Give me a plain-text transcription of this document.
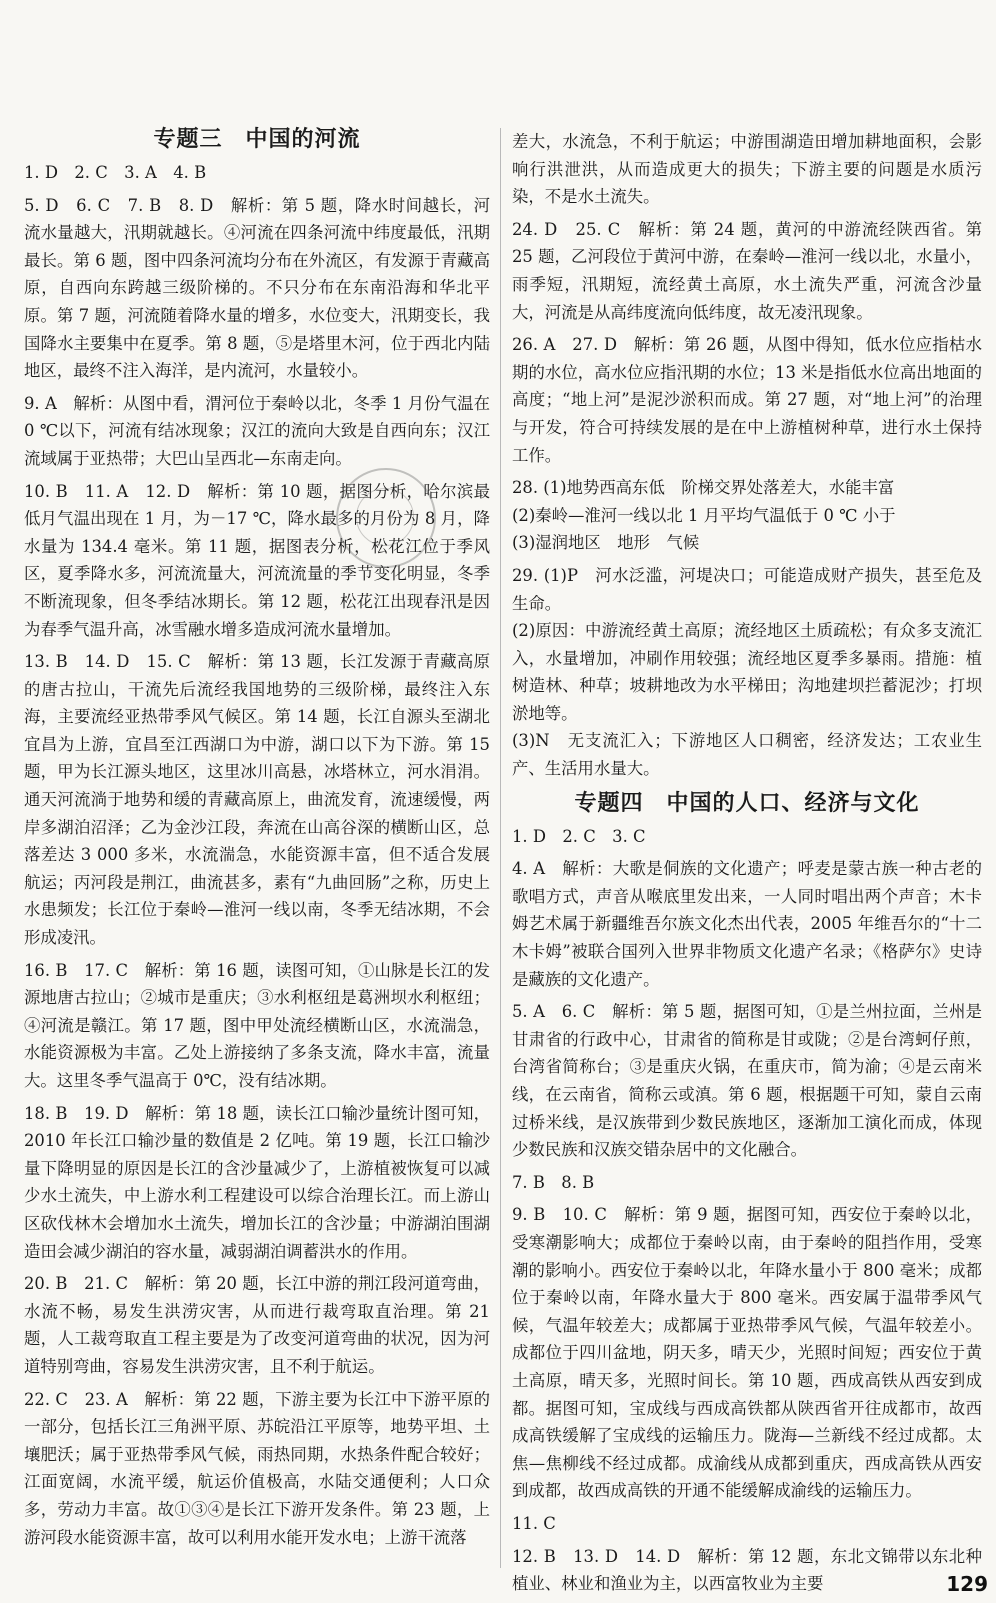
专题三　中国的河流
1. D　2. C　3. A　4. B
5. D　6. C　7. B　8. D　解析：第 5 题，降水时间越长，河流水量越大，汛期就越长。④河流在四条河流中纬度最低，汛期最长。第 6 题，图中四条河流均分布在外流区，有发源于青藏高原，自西向东跨越三级阶梯的。不只分布在东南沿海和华北平原。第 7 题，河流随着降水量的增多，水位变大，汛期变长，我国降水主要集中在夏季。第 8 题，⑤是塔里木河，位于西北内陆地区，最终不注入海洋，是内流河，水量较小。
9. A　解析：从图中看，渭河位于秦岭以北，冬季 1 月份气温在 0 ℃以下，河流有结冰现象；汉江的流向大致是自西向东；汉江流域属于亚热带；大巴山呈西北—东南走向。
10. B　11. A　12. D　解析：第 10 题，据图分析，哈尔滨最低月气温出现在 1 月，为－17 ℃，降水最多的月份为 8 月，降水量为 134.4 毫米。第 11 题，据图表分析，松花江位于季风区，夏季降水多，河流流量大，河流流量的季节变化明显，冬季不断流现象，但冬季结冰期长。第 12 题，松花江出现春汛是因为春季气温升高，冰雪融水增多造成河流水量增加。
13. B　14. D　15. C　解析：第 13 题，长江发源于青藏高原的唐古拉山，干流先后流经我国地势的三级阶梯，最终注入东海，主要流经亚热带季风气候区。第 14 题，长江自源头至湖北宜昌为上游，宜昌至江西湖口为中游，湖口以下为下游。第 15 题，甲为长江源头地区，这里冰川高悬，冰塔林立，河水涓涓。通天河流淌于地势和缓的青藏高原上，曲流发育，流速缓慢，两岸多湖泊沼泽；乙为金沙江段，奔流在山高谷深的横断山区，总落差达 3 000 多米，水流湍急，水能资源丰富，但不适合发展航运；丙河段是荆江，曲流甚多，素有“九曲回肠”之称，历史上水患频发；长江位于秦岭—淮河一线以南，冬季无结冰期，不会形成凌汛。
16. B　17. C　解析：第 16 题，读图可知，①山脉是长江的发源地唐古拉山；②城市是重庆；③水利枢纽是葛洲坝水利枢纽；④河流是赣江。第 17 题，图中甲处流经横断山区，水流湍急，水能资源极为丰富。乙处上游接纳了多条支流，降水丰富，流量大。这里冬季气温高于 0℃，没有结冰期。
18. B　19. D　解析：第 18 题，读长江口输沙量统计图可知，2010 年长江口输沙量的数值是 2 亿吨。第 19 题，长江口输沙量下降明显的原因是长江的含沙量减少了，上游植被恢复可以减少水土流失，中上游水利工程建设可以综合治理长江。而上游山区砍伐林木会增加水土流失，增加长江的含沙量；中游湖泊围湖造田会减少湖泊的容水量，减弱湖泊调蓄洪水的作用。
20. B　21. C　解析：第 20 题，长江中游的荆江段河道弯曲，水流不畅，易发生洪涝灾害，从而进行裁弯取直治理。第 21 题，人工裁弯取直工程主要是为了改变河道弯曲的状况，因为河道特别弯曲，容易发生洪涝灾害，且不利于航运。
22. C　23. A　解析：第 22 题，下游主要为长江中下游平原的一部分，包括长江三角洲平原、苏皖沿江平原等，地势平坦、土壤肥沃；属于亚热带季风气候，雨热同期，水热条件配合较好；江面宽阔，水流平缓，航运价值极高，水陆交通便利；人口众多，劳动力丰富。故①③④是长江下游开发条件。第 23 题，上游河段水能资源丰富，故可以利用水能开发水电；上游干流落
差大，水流急，不利于航运；中游围湖造田增加耕地面积，会影响行洪泄洪，从而造成更大的损失；下游主要的问题是水质污染，不是水土流失。
24. D　25. C　解析：第 24 题，黄河的中游流经陕西省。第 25 题，乙河段位于黄河中游，在秦岭—淮河一线以北，水量小，雨季短，汛期短，流经黄土高原，水土流失严重，河流含沙量大，河流是从高纬度流向低纬度，故无凌汛现象。
26. A　27. D　解析：第 26 题，从图中得知，低水位应指枯水期的水位，高水位应指汛期的水位；13 米是指低水位高出地面的高度；“地上河”是泥沙淤积而成。第 27 题，对“地上河”的治理与开发，符合可持续发展的是在中上游植树种草，进行水土保持工作。
28. (1)地势西高东低　阶梯交界处落差大，水能丰富
(2)秦岭—淮河一线以北 1 月平均气温低于 0 ℃ 小于
(3)湿润地区　地形　气候
29. (1)P　河水泛滥，河堤决口；可能造成财产损失，甚至危及生命。
(2)原因：中游流经黄土高原；流经地区土质疏松；有众多支流汇入，水量增加，冲刷作用较强；流经地区夏季多暴雨。措施：植树造林、种草；坡耕地改为水平梯田；沟地建坝拦蓄泥沙；打坝淤地等。
(3)N　无支流汇入；下游地区人口稠密，经济发达；工农业生产、生活用水量大。
专题四　中国的人口、经济与文化
1. D　2. C　3. C
4. A　解析：大歌是侗族的文化遗产；呼麦是蒙古族一种古老的歌唱方式，声音从喉底里发出来，一人同时唱出两个声音；木卡姆艺术属于新疆维吾尔族文化杰出代表，2005 年维吾尔的“十二木卡姆”被联合国列入世界非物质文化遗产名录；《格萨尔》史诗是藏族的文化遗产。
5. A　6. C　解析：第 5 题，据图可知，①是兰州拉面，兰州是甘肃省的行政中心，甘肃省的简称是甘或陇；②是台湾蚵仔煎，台湾省简称台；③是重庆火锅，在重庆市，简为渝；④是云南米线，在云南省，简称云或滇。第 6 题，根据题干可知，蒙自云南过桥米线，是汉族带到少数民族地区，逐渐加工演化而成，体现少数民族和汉族交错杂居中的文化融合。
7. B　8. B
9. B　10. C　解析：第 9 题，据图可知，西安位于秦岭以北，受寒潮影响大；成都位于秦岭以南，由于秦岭的阻挡作用，受寒潮的影响小。西安位于秦岭以北，年降水量小于 800 毫米；成都位于秦岭以南，年降水量大于 800 毫米。西安属于温带季风气候，气温年较差大；成都属于亚热带季风气候，气温年较差小。成都位于四川盆地，阴天多，晴天少，光照时间短；西安位于黄土高原，晴天多，光照时间长。第 10 题，西成高铁从西安到成都。据图可知，宝成线与西成高铁都从陕西省开往成都市，故西成高铁缓解了宝成线的运输压力。陇海—兰新线不经过成都。太焦—焦柳线不经过成都。成渝线从成都到重庆，西成高铁从西安到成都，故西成高铁的开通不能缓解成渝线的运输压力。
11. C
12. B　13. D　14. D　解析：第 12 题，东北文锦带以东北种植业、林业和渔业为主，以西富牧业为主要	129
